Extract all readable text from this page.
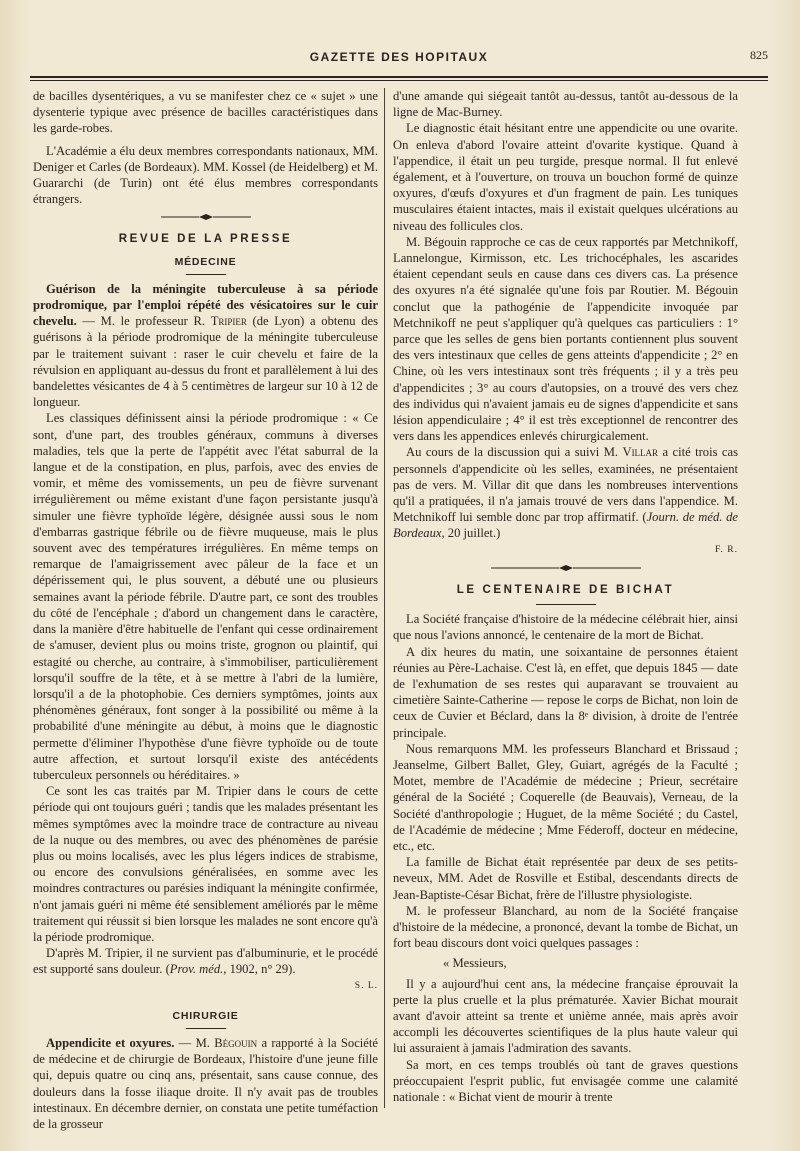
GAZETTE DES HOPITAUX	825

de bacilles dysentériques, a vu se manifester chez ce « sujet » une dysenterie typique avec présence de bacilles caractéristiques dans les garde-robes.

L'Académie a élu deux membres correspondants nationaux, MM. Deniger et Carles (de Bordeaux). MM. Kossel (de Heidelberg) et M. Guararchi (de Turin) ont été élus membres correspondants étrangers.

REVUE DE LA PRESSE
MÉDECINE

Guérison de la méningite tuberculeuse à sa période prodromique, par l'emploi répété des vésicatoires sur le cuir chevelu. — M. le professeur R. Tripier (de Lyon) a obtenu des guérisons à la période prodromique de la méningite tuberculeuse par le traitement suivant : raser le cuir chevelu et faire de la révulsion en appliquant au-dessus du front et parallèlement à lui des bandelettes vésicantes de 4 à 5 centimètres de largeur sur 10 à 12 de longueur.

Les classiques définissent ainsi la période prodromique : « Ce sont, d'une part, des troubles généraux, communs à diverses maladies, tels que la perte de l'appétit avec l'état saburral de la langue et de la constipation, en plus, parfois, avec des envies de vomir, et même des vomissements, un peu de fièvre survenant irrégulièrement ou même existant d'une façon persistante jusqu'à simuler une fièvre typhoïde légère, désignée aussi sous le nom d'embarras gastrique fébrile ou de fièvre muqueuse, mais le plus souvent avec des températures irrégulières. En même temps on remarque de l'amaigrissement avec pâleur de la face et un dépérissement qui, le plus souvent, a débuté une ou plusieurs semaines avant la période fébrile. D'autre part, ce sont des troubles du côté de l'encéphale ; d'abord un changement dans le caractère, dans la manière d'être habituelle de l'enfant qui cesse ordinairement de s'amuser, devient plus ou moins triste, grognon ou plaintif, qui estagité ou cherche, au contraire, à s'immobiliser, particulièrement lorsqu'il souffre de la tête, et à se mettre à l'abri de la lumière, lorsqu'il a de la photophobie. Ces derniers symptômes, joints aux phénomènes généraux, font songer à la possibilité ou même à la probabilité d'une méningite au début, à moins que le diagnostic permette d'éliminer l'hypothèse d'une fièvre typhoïde ou de toute autre affection, et surtout lorsqu'il existe des antécédents tuberculeux personnels ou héréditaires. »

Ce sont les cas traités par M. Tripier dans le cours de cette période qui ont toujours guéri ; tandis que les malades présentant les mêmes symptômes avec la moindre trace de contracture au niveau de la nuque ou des membres, ou avec des phénomènes de parésie plus ou moins localisés, avec les plus légers indices de strabisme, ou encore des convulsions généralisées, en somme avec les moindres contractures ou parésies indiquant la méningite confirmée, n'ont jamais guéri ni même été sensiblement améliorés par le même traitement qui réussit si bien lorsque les malades ne sont encore qu'à la période prodromique.

D'après M. Tripier, il ne survient pas d'albuminurie, et le procédé est supporté sans douleur. (Prov. méd., 1902, n° 29).

S. L.

CHIRURGIE

Appendicite et oxyures. — M. Bégouin a rapporté à la Société de médecine et de chirurgie de Bordeaux, l'histoire d'une jeune fille qui, depuis quatre ou cinq ans, présentait, sans cause connue, des douleurs dans la fosse iliaque droite. Il n'y avait pas de troubles intestinaux. En décembre dernier, on constata une petite tuméfaction de la grosseur

d'une amande qui siégeait tantôt au-dessus, tantôt au-dessous de la ligne de Mac-Burney.

Le diagnostic était hésitant entre une appendicite ou une ovarite. On enleva d'abord l'ovaire atteint d'ovarite kystique. Quand à l'appendice, il était un peu turgide, presque normal. Il fut enlevé également, et à l'ouverture, on trouva un bouchon formé de quinze oxyures, d'œufs d'oxyures et d'un fragment de pain. Les tuniques musculaires étaient intactes, mais il existait quelques ulcérations au niveau des follicules clos.

M. Bégouin rapproche ce cas de ceux rapportés par Metchnikoff, Lannelongue, Kirmisson, etc. Les trichocéphales, les ascarides étaient cependant seuls en cause dans ces divers cas. La présence des oxyures n'a été signalée qu'une fois par Routier. M. Bégouin conclut que la pathogénie de l'appendicite invoquée par Metchnikoff ne peut s'appliquer qu'à quelques cas particuliers : 1° parce que les selles de gens bien portants contiennent plus souvent des vers intestinaux que celles de gens atteints d'appendicite ; 2° en Chine, où les vers intestinaux sont très fréquents ; il y a très peu d'appendicites ; 3° au cours d'autopsies, on a trouvé des vers chez des individus qui n'avaient jamais eu de signes d'appendicite et sans lésion appendiculaire ; 4° il est très exceptionnel de rencontrer des vers dans les appendices enlevés chirurgicalement.

Au cours de la discussion qui a suivi M. Villar a cité trois cas personnels d'appendicite où les selles, examinées, ne présentaient pas de vers. M. Villar dit que dans les nombreuses interventions qu'il a pratiquées, il n'a jamais trouvé de vers dans l'appendice. M. Metchnikoff lui semble donc par trop affirmatif. (Journ. de méd. de Bordeaux, 20 juillet.)

F. R.

LE CENTENAIRE DE BICHAT

La Société française d'histoire de la médecine célébrait hier, ainsi que nous l'avions annoncé, le centenaire de la mort de Bichat.

A dix heures du matin, une soixantaine de personnes étaient réunies au Père-Lachaise. C'est là, en effet, que depuis 1845 — date de l'exhumation de ses restes qui auparavant se trouvaient au cimetière Sainte-Catherine — repose le corps de Bichat, non loin de ceux de Cuvier et Béclard, dans la 8ᵉ division, à droite de l'entrée principale.

Nous remarquons MM. les professeurs Blanchard et Brissaud ; Jeanselme, Gilbert Ballet, Gley, Guiart, agrégés de la Faculté ; Motet, membre de l'Académie de médecine ; Prieur, secrétaire général de la Société ; Coquerelle (de Beauvais), Verneau, de la Société d'anthropologie ; Huguet, de la même Société ; du Castel, de l'Académie de médecine ; Mme Féderoff, docteur en médecine, etc., etc.

La famille de Bichat était représentée par deux de ses petits-neveux, MM. Adet de Rosville et Estibal, descendants directs de Jean-Baptiste-César Bichat, frère de l'illustre physiologiste.

M. le professeur Blanchard, au nom de la Société française d'histoire de la médecine, a prononcé, devant la tombe de Bichat, un fort beau discours dont voici quelques passages :

« Messieurs,

Il y a aujourd'hui cent ans, la médecine française éprouvait la perte la plus cruelle et la plus prématurée. Xavier Bichat mourait avant d'avoir atteint sa trente et unième année, mais après avoir accompli les découvertes scientifiques de la plus haute valeur qui lui assuraient à jamais l'admiration des savants.

Sa mort, en ces temps troublés où tant de graves questions préoccupaient l'esprit public, fut envisagée comme une calamité nationale : « Bichat vient de mourir à trente
